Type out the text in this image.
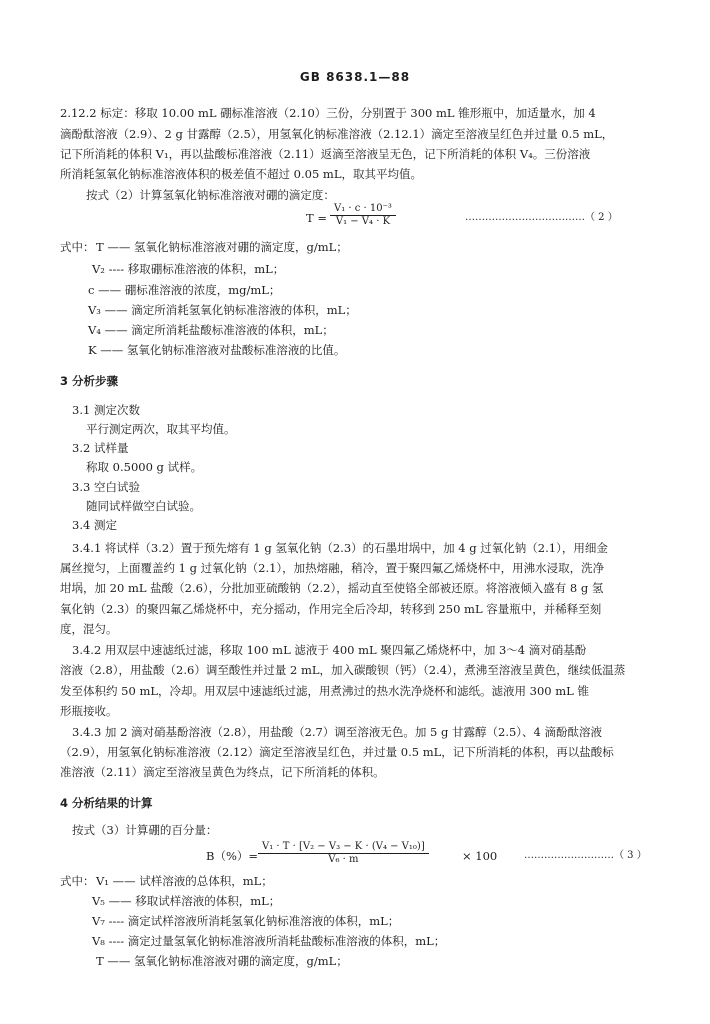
GB 8638.1—88
2.12.2 标定：移取 10.00 mL 硼标准溶液（2.10）三份，分别置于 300 mL 锥形瓶中，加适量水，加 4
滴酚酞溶液（2.9）、2 g 甘露醇（2.5），用氢氧化钠标准溶液（2.12.1）滴定至溶液呈红色并过量 0.5 mL，
记下所消耗的体积 V₁，再以盐酸标准溶液（2.11）返滴至溶液呈无色，记下所消耗的体积 V₄。三份溶液
所消耗氢氧化钠标准溶液体积的极差值不超过 0.05 mL，取其平均值。
按式（2）计算氢氧化钠标准溶液对硼的滴定度：
$T = \frac{\text{V₁ · c · 10⁻³}}{\text{V₁ − V₄ · K}}$	………………………………（ 2 ）
式中： T —— 氢氧化钠标准溶液对硼的滴定度，g/mL；
V₂ ---- 移取硼标准溶液的体积，mL；
c —— 硼标准溶液的浓度，mg/mL；
V₃ —— 滴定所消耗氢氧化钠标准溶液的体积，mL；
V₄ —— 滴定所消耗盐酸标准溶液的体积，mL；
K —— 氢氧化钠标准溶液对盐酸标准溶液的比值。
3 分析步骤
3.1 测定次数
平行测定两次，取其平均值。
3.2 试样量
称取 0.5000 g 试样。
3.3 空白试验
随同试样做空白试验。
3.4 测定
3.4.1 将试样（3.2）置于预先熔有 1 g 氢氧化钠（2.3）的石墨坩埚中，加 4 g 过氧化钠（2.1），用细金
属丝搅匀，上面覆盖约 1 g 过氧化钠（2.1），加热熔融，稍冷，置于聚四氟乙烯烧杯中，用沸水浸取，洗净
坩埚，加 20 mL 盐酸（2.6），分批加亚硫酸钠（2.2），摇动直至使铬全部被还原。将溶液倾入盛有 8 g 氢
氧化钠（2.3）的聚四氟乙烯烧杯中，充分摇动，作用完全后冷却，转移到 250 mL 容量瓶中，并稀释至刻
度，混匀。
3.4.2 用双层中速滤纸过滤，移取 100 mL 滤液于 400 mL 聚四氟乙烯烧杯中，加 3～4 滴对硝基酚
溶液（2.8），用盐酸（2.6）调至酸性并过量 2 mL，加入碳酸钡（钙）（2.4），煮沸至溶液呈黄色，继续低温蒸
发至体积约 50 mL，冷却。用双层中速滤纸过滤，用煮沸过的热水洗净烧杯和滤纸。滤液用 300 mL 锥
形瓶接收。
3.4.3 加 2 滴对硝基酚溶液（2.8），用盐酸（2.7）调至溶液无色。加 5 g 甘露醇（2.5）、4 滴酚酞溶液
（2.9），用氢氧化钠标准溶液（2.12）滴定至溶液呈红色，并过量 0.5 mL，记下所消耗的体积，再以盐酸标
准溶液（2.11）滴定至溶液呈黄色为终点，记下所消耗的体积。
4 分析结果的计算
按式（3）计算硼的百分量：
$B(\%)= \frac{\text{V₁ · T · [V₂ − V₃ − K · (V₄ − V₁₀)]}}{\text{V₆ · m}}$	× 100	………………………（ 3 ）
式中： V₁ —— 试样溶液的总体积，mL；
V₅ —— 移取试样溶液的体积，mL；
V₇ ---- 滴定试样溶液所消耗氢氧化钠标准溶液的体积，mL；
V₈ ---- 滴定过量氢氧化钠标准溶液所消耗盐酸标准溶液的体积，mL；
T —— 氢氧化钠标准溶液对硼的滴定度，g/mL；
